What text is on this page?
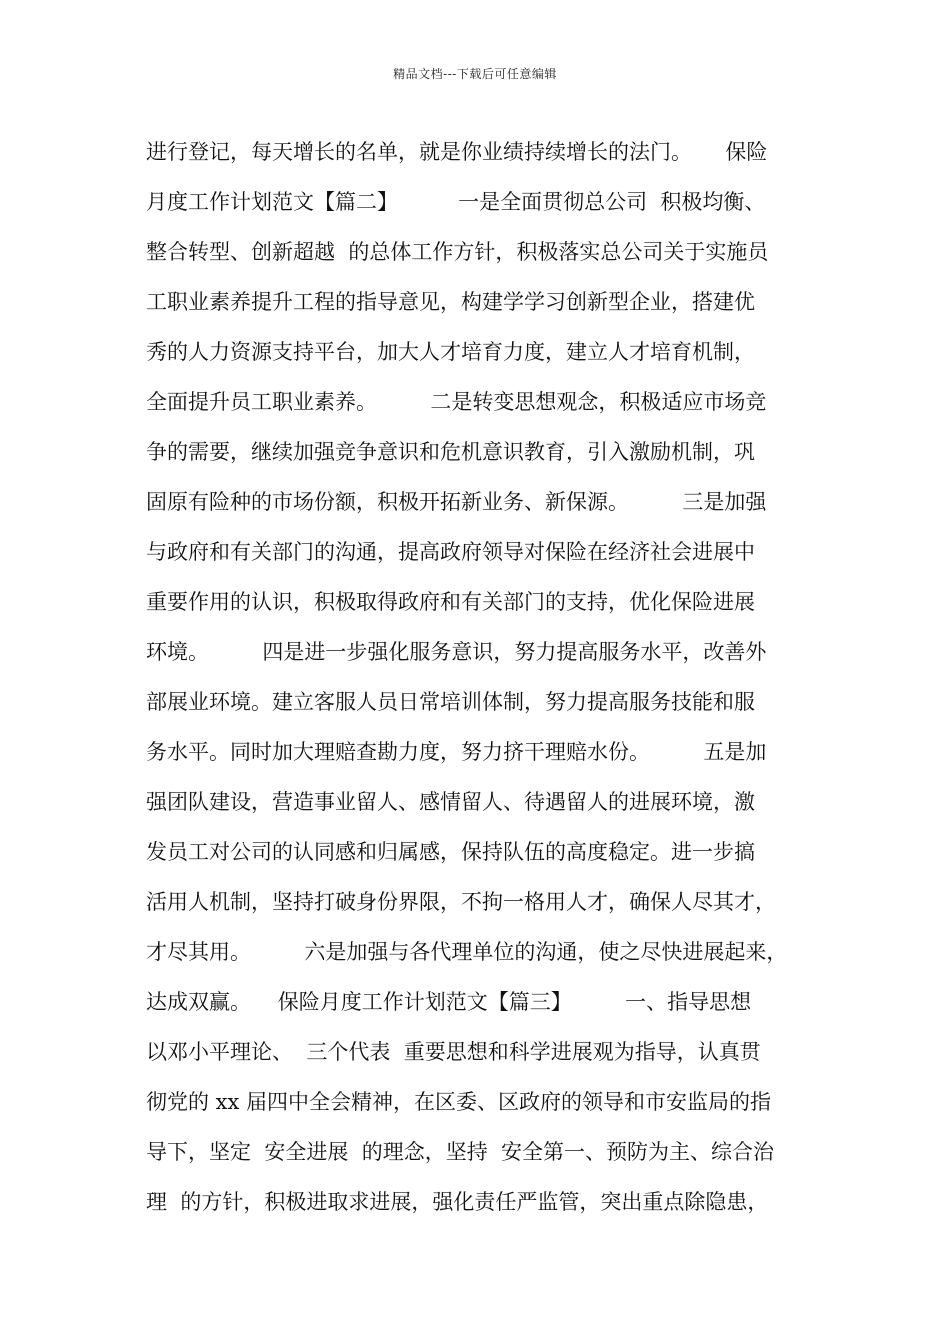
精品文档---下载后可任意编辑
进行登记，每天增长的名单，就是你业绩持续增长的法门。     保险
月度工作计划范文【篇二】         一是全面贯彻总公司  积极均衡、
整合转型、创新超越  的总体工作方针，积极落实总公司关于实施员
工职业素养提升工程的指导意见，构建学学习创新型企业，搭建优
秀的人力资源支持平台，加大人才培育力度，建立人才培育机制，
全面提升员工职业素养。        二是转变思想观念，积极适应市场竞
争的需要，继续加强竞争意识和危机意识教育，引入激励机制，巩
固原有险种的市场份额，积极开拓新业务、新保源。        三是加强
与政府和有关部门的沟通，提高政府领导对保险在经济社会进展中
重要作用的认识，积极取得政府和有关部门的支持，优化保险进展
环境。        四是进一步强化服务意识，努力提高服务水平，改善外
部展业环境。建立客服人员日常培训体制，努力提高服务技能和服
务水平。同时加大理赔查勘力度，努力挤干理赔水份。        五是加
强团队建设，营造事业留人、感情留人、待遇留人的进展环境，激
发员工对公司的认同感和归属感，保持队伍的高度稳定。进一步搞
活用人机制，坚持打破身份界限，不拘一格用人才，确保人尽其才，
才尽其用。        六是加强与各代理单位的沟通，使之尽快进展起来，
达成双赢。    保险月度工作计划范文【篇三】        一、指导思想
以邓小平理论、  三个代表  重要思想和科学进展观为指导，认真贯
彻党的 xx 届四中全会精神，在区委、区政府的领导和市安监局的指
导下，坚定  安全进展  的理念，坚持  安全第一、预防为主、综合治
理  的方针，积极进取求进展，强化责任严监管，突出重点除隐患，
